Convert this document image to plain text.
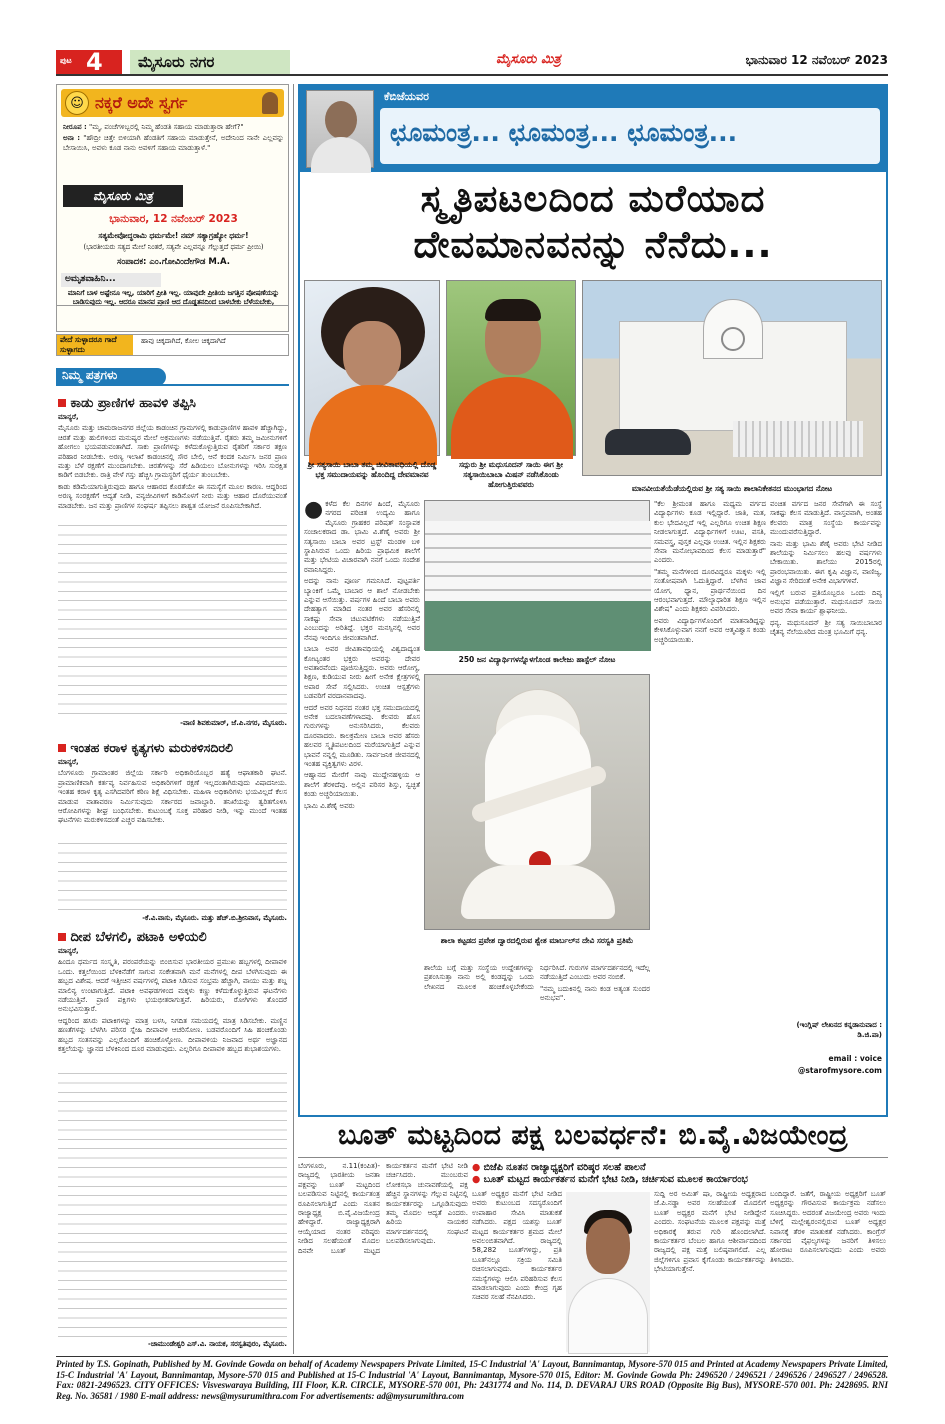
ಪುಟ 4	ಮೈಸೂರು ನಗರ	ಮೈಸೂರು ಮಿತ್ರ	ಭಾನುವಾರ 12 ನವೆಂಬರ್ 2023
☺ ನಕ್ಕರೆ ಅದೇ ಸ್ವರ್ಗ

ನೀರೂಪ : "ಮ್ಮ, ಪಂಚೆಗಳಿಬ್ಬರಲ್ಲಿ ನಿಮ್ಮ ಹೆಂಡತಿ ಸಹಾಯ ಮಾಡುತ್ತಾರಾ ಹೇಗೆ?"

ಅನಾ : "ಹೌದ್ರೀ ಚಿತ್ತೇ ಬಿಳಿಯಾಗಿ ಹೆಂಡತಿಗೆ ಸಹಾಯ ಮಾಡುತ್ತೇನೆ, ಅದೇನಿಂದ ನಾನೇ ಎಲ್ಲವನ್ನು ಬೇಸಾಯಿಸಿ, ಅವಳು ಕೂಡ ನಾನು ಅವಳಿಗೆ ಸಹಾಯ ಮಾಡುತ್ತಾಳೆ."

ಮೈಸೂರು ಮಿತ್ರ
ಭಾನುವಾರ, 12 ನವೆಂಬರ್ 2023
ಸತ್ಯಮೇವೋದ್ಧರಾಮಿ ಧರ್ಮಮೇ! ನಮ್ ಸತ್ಯಾಗ್ರಹ್ಯೋ ಧರ್ಮ!
(ಭಾರತೀಯರು ಸತ್ಯದ ಮೇಲೆ ನಿಂತರೆ, ಸತ್ಯವೇ ಎಲ್ಲವನ್ನೂ ಗೆಲ್ಲುತ್ತದೆ ಧರ್ಮ ಪ್ರೀಯಿ)
ಸಂಪಾದಕ: ಎಂ.ಗೋವಿಂದೇಗೌಡ M.A.
ಅಮೃತವಾಹಿನಿ...
ಮಾನಿಗೆ ಬಾಳ ಅಷ್ಟೇನೂ ಇಲ್ಲ, ಯಾರಿಗೆ ಪ್ರೀತಿ ಇಲ್ಲ. ಯಾವುದೇ ಪ್ರೀತಿಯ ಜಗತ್ತಿನ ಪೋಷಣೆಯನ್ನು ಬಾಡಿಸುವುದು ಇಲ್ಲ. ಆದರೂ ಮಾನವ ಪ್ರಾಣಿ ಆದ ದೊಡ್ಡತನದಿಂದ ಬಾಳಬೇಕು ಬೆಳೆಯಬೇಕು,
ಪೇದೆ ಸುಳ್ಳಾದರೂ ಗಾದೆ ಸುಳ್ಳಾಗದು
ಹಾವು ಚಿಕ್ಕದಾಗಿದೆ, ಕೋಲ ಚಿಕ್ಕದಾಗಿದೆ
ನಿಮ್ಮ ಪತ್ರಗಳು
ಕಾಡು ಪ್ರಾಣಿಗಳ ಹಾವಳಿ ತಪ್ಪಿಸಿ

ಮಾನ್ಯರೆ,

ಮೈಸೂರು ಮತ್ತು ಚಾಮರಾಜನಗರ ಜಿಲ್ಲೆಯ ಕಾಡಂಚಿನ ಗ್ರಾಮಗಳಲ್ಲಿ ಕಾಡುಪ್ರಾಣಿಗಳ ಹಾವಳಿ ಹೆಚ್ಚಾಗಿದ್ದು, ಚಿರತೆ ಮತ್ತು ಹುಲಿಗಳಿಂದ ಮನುಷ್ಯರ ಮೇಲೆ ಅಕ್ರಮಣಗಳು ನಡೆಯುತ್ತಿವೆ. ರೈತರು ತಮ್ಮ ಜಮೀನುಗಳಿಗೆ ಹೋಗಲು ಭಯಪಡುವಂತಾಗಿದೆ. ಸಾಕು ಪ್ರಾಣಿಗಳನ್ನು ಕಳೆದುಕೊಳ್ಳುತ್ತಿರುವ ರೈತರಿಗೆ ಸರ್ಕಾರ ತಕ್ಷಣ ಪರಿಹಾರ ನೀಡಬೇಕು. ಅರಣ್ಯ ಇಲಾಖೆ ಕಾಡಂಚಿನಲ್ಲಿ ಸೌರ ಬೇಲಿ, ಆನೆ ಕಂದಕ ನಿರ್ಮಿಸಿ ಜನರ ಪ್ರಾಣ ಮತ್ತು ಬೆಳೆ ರಕ್ಷಣೆಗೆ ಮುಂದಾಗಬೇಕು. ಚಿರತೆಗಳನ್ನು ಸೆರೆ ಹಿಡಿಯಲು ಬೋನುಗಳನ್ನು ಇರಿಸಿ ಸುರಕ್ಷಿತ ಕಾಡಿಗೆ ಬಿಡಬೇಕು. ರಾತ್ರಿ ವೇಳೆ ಗಸ್ತು ಹೆಚ್ಚಿಸಿ ಗ್ರಾಮಸ್ಥರಿಗೆ ಧೈರ್ಯ ತುಂಬಬೇಕು.

ಕಾಡು ಕಡಿಮೆಯಾಗುತ್ತಿರುವುದು ಹಾಗೂ ಆಹಾರದ ಕೊರತೆಯೇ ಈ ಸಮಸ್ಯೆಗೆ ಮೂಲ ಕಾರಣ. ಆದ್ದರಿಂದ ಅರಣ್ಯ ಸಂರಕ್ಷಣೆಗೆ ಆದ್ಯತೆ ನೀಡಿ, ವನ್ಯಜೀವಿಗಳಿಗೆ ಕಾಡಿನೊಳಗೆ ನೀರು ಮತ್ತು ಆಹಾರ ದೊರೆಯುವಂತೆ ಮಾಡಬೇಕು. ಜನ ಮತ್ತು ಪ್ರಾಣಿಗಳ ಸಂಘರ್ಷ ತಪ್ಪಿಸಲು ಶಾಶ್ವತ ಯೋಜನೆ ರೂಪಿಸಬೇಕಾಗಿದೆ.

-ವಾಣಿ ಶಿವಕುಮಾರ್, ಜೆ.ಪಿ.ನಗರ, ಮೈಸೂರು.
ಇಂತಹ ಕರಾಳ ಕೃತ್ಯಗಳು ಮರುಕಳಿಸದಿರಲಿ

ಮಾನ್ಯರೆ,

ಬೆಂಗಳೂರು ಗ್ರಾಮಾಂತರ ಜಿಲ್ಲೆಯ ಸರ್ಕಾರಿ ಅಧಿಕಾರಿಯೊಬ್ಬರ ಹತ್ಯೆ ಆಘಾತಕಾರಿ ಘಟನೆ. ಪ್ರಾಮಾಣಿಕವಾಗಿ ಕರ್ತವ್ಯ ನಿರ್ವಹಿಸುವ ಅಧಿಕಾರಿಗಳಿಗೆ ರಕ್ಷಣೆ ಇಲ್ಲದಂತಾಗಿರುವುದು ವಿಷಾದನೀಯ. ಇಂತಹ ಕರಾಳ ಕೃತ್ಯ ಎಸಗಿದವರಿಗೆ ಕಠಿಣ ಶಿಕ್ಷೆ ವಿಧಿಸಬೇಕು. ಮಹಿಳಾ ಅಧಿಕಾರಿಗಳು ಭಯವಿಲ್ಲದೆ ಕೆಲಸ ಮಾಡುವ ವಾತಾವರಣ ನಿರ್ಮಿಸುವುದು ಸರ್ಕಾರದ ಜವಾಬ್ದಾರಿ. ತನಿಖೆಯನ್ನು ತ್ವರಿತಗೊಳಿಸಿ ಆರೋಪಿಗಳನ್ನು ಶೀಘ್ರ ಬಂಧಿಸಬೇಕು. ಕುಟುಂಬಕ್ಕೆ ಸೂಕ್ತ ಪರಿಹಾರ ನೀಡಿ, ಇನ್ನು ಮುಂದೆ ಇಂತಹ ಘಟನೆಗಳು ಮರುಕಳಿಸದಂತೆ ಎಚ್ಚರ ವಹಿಸಬೇಕು.

-ಕೆ.ವಿ.ವಾಸು, ಮೈಸೂರು. ಮತ್ತು ಹೆಚ್.ಬಿ.ಶ್ರೀನಿವಾಸ, ಮೈಸೂರು.
ದೀಪ ಬೆಳಗಲಿ, ಪಟಾಕಿ ಅಳಿಯಲಿ

ಮಾನ್ಯರೆ,

ಹಿಂದೂ ಧರ್ಮದ ಸಂಸ್ಕೃತಿ, ಪರಂಪರೆಯನ್ನು ಬಿಂಬಿಸುವ ಭಾರತೀಯರ ಪ್ರಮುಖ ಹಬ್ಬಗಳಲ್ಲಿ ದೀಪಾವಳಿ ಒಂದು. ಕತ್ತಲೆಯಿಂದ ಬೆಳಕಿನೆಡೆಗೆ ಸಾಗುವ ಸಂಕೇತವಾಗಿ ಮನೆ ಮನೆಗಳಲ್ಲಿ ದೀಪ ಬೆಳಗಿಸುವುದು ಈ ಹಬ್ಬದ ವಿಶೇಷ. ಆದರೆ ಇತ್ತೀಚಿನ ವರ್ಷಗಳಲ್ಲಿ ಪಟಾಕಿ ಸಿಡಿಸುವ ಸಂಭ್ರಮ ಹೆಚ್ಚಾಗಿ, ವಾಯು ಮತ್ತು ಶಬ್ದ ಮಾಲಿನ್ಯ ಉಂಟಾಗುತ್ತಿದೆ. ಪಟಾಕಿ ಅವಘಡಗಳಿಂದ ಮಕ್ಕಳು ಕಣ್ಣು ಕಳೆದುಕೊಳ್ಳುತ್ತಿರುವ ಘಟನೆಗಳು ನಡೆಯುತ್ತಿವೆ. ಪ್ರಾಣಿ ಪಕ್ಷಿಗಳು ಭಯಭೀತರಾಗುತ್ತವೆ. ಹಿರಿಯರು, ರೋಗಿಗಳು ತೊಂದರೆ ಅನುಭವಿಸುತ್ತಾರೆ.

ಆದ್ದರಿಂದ ಹಸಿರು ಪಟಾಕಿಗಳನ್ನು ಮಾತ್ರ ಬಳಸಿ, ನಿಗದಿತ ಸಮಯದಲ್ಲಿ ಮಾತ್ರ ಸಿಡಿಸಬೇಕು. ಮಣ್ಣಿನ ಹಣತೆಗಳನ್ನು ಬೆಳಗಿಸಿ ಪರಿಸರ ಸ್ನೇಹಿ ದೀಪಾವಳಿ ಆಚರಿಸೋಣ. ಬಡವರೊಂದಿಗೆ ಸಿಹಿ ಹಂಚಿಕೊಂಡು ಹಬ್ಬದ ಸಂತಸವನ್ನು ಎಲ್ಲರೊಂದಿಗೆ ಹಂಚಿಕೊಳ್ಳೋಣ. ದೀಪಾವಳಿಯ ನಿಜವಾದ ಅರ್ಥ ಅಜ್ಞಾನದ ಕತ್ತಲೆಯನ್ನು ಜ್ಞಾನದ ಬೆಳಕಿನಿಂದ ದೂರ ಮಾಡುವುದು. ಎಲ್ಲರಿಗೂ ದೀಪಾವಳಿ ಹಬ್ಬದ ಶುಭಾಶಯಗಳು.

-ಚಾಮುಂಡೇಶ್ವರಿ ಎಸ್.ವಿ. ನಾಯಕ, ಸರಸ್ವತಿಪುರಂ, ಮೈಸೂರು.
ಕೆಬಿಜೆಯವರ
ಛೂಮಂತ್ರ... ಛೂಮಂತ್ರ... ಛೂಮಂತ್ರ...
ಸ್ಮೃತಿಪಟಲದಿಂದ ಮರೆಯಾದ
ದೇವಮಾನವನನ್ನು ನೆನೆದು...
ಶ್ರೀ ಸತ್ಯಸಾಯಿ ಬಾಬಾ ತಮ್ಮ ಜೀವಿತಾವಧಿಯಲ್ಲಿ ದೊಡ್ಡ ಭಕ್ತ ಸಮುದಾಯವನ್ನು ಹೊಂದಿದ್ದ ದೇವಮಾನವ
ಸದ್ಗುರು ಶ್ರೀ ಮಧುಸೂದನ್ ಸಾಯಿ ಈಗ ಶ್ರೀ ಸತ್ಯಸಾಯಿಬಾಬಾ ಮಿಷನ್ ನಡೆಸಿಕೊಂಡು ಹೋಗುತ್ತಿರುವವರು	ಮಾನವೀಯತೆಯೆಡೆಯಲ್ಲಿರುವ ಶ್ರೀ ಸತ್ಯ ಸಾಯಿ ಶಾಲಾನಿಕೇತನದ ಮುಂಭಾಗದ ನೋಟ

● ಕಳೆದ ಕೆಲ ದಿನಗಳ ಹಿಂದೆ, ಮೈಸೂರು ನಗರದ ಪರಿಚಿತ ಉದ್ಯಮಿ ಹಾಗೂ ಮೈಸೂರು ಗ್ರಾಹಕರ ಪರಿಷತ್ ಸಂಸ್ಥಾಪಕ ಸಂಚಾಲಕರಾದ ಡಾ. ಭಾಮಿ ವಿ.ಶೆಣೈ ಅವರು ಶ್ರೀ ಸತ್ಯಸಾಯಿ ಬಾಬಾ ಅವರ ಟ್ರಸ್ಟ್ ಮಂಡಳಿ ಬಳಿ ಸ್ಥಾಪಿಸಿರುವ ಒಂದು ಹಿರಿಯ ಪ್ರಾಥಮಿಕ ಶಾಲೆಗೆ ಮತ್ತು ಭೇಟಿಯ ವಿಚಾರವಾಗಿ ನನಗೆ ಒಂದು ಸಂದೇಶ ರವಾನಿಸಿದ್ದರು.

ಅದನ್ನು ನಾನು ಪೂರ್ಣ ಗಮನಿಸಿದೆ. ಪುಟ್ಟಪರ್ತಿ ಬ್ಯಾಂಕಿಗೆ ಒಮ್ಮೆ ಬಾಬಾರ ಆ ಶಾಲೆ ನೋಡಬೇಕು ಎನ್ನುವ ಆಸೆಯಿತ್ತು. ವರ್ಷಗಳ ಹಿಂದೆ ಬಾಬಾ ಅವರು ದೇಹತ್ಯಾಗ ಮಾಡಿದ ನಂತರ ಅವರ ಹೆಸರಿನಲ್ಲಿ ಸಾಕಷ್ಟು ಸೇವಾ ಚಟುವಟಿಕೆಗಳು ನಡೆಯುತ್ತಿವೆ ಎಂಬುದನ್ನು ಅರಿತಿದ್ದೆ. ಭಕ್ತರ ಮನಸ್ಸಿನಲ್ಲಿ ಅವರ ನೆನಪು ಇಂದಿಗೂ ಜೀವಂತವಾಗಿದೆ.

ಬಾಬಾ ಅವರ ಜೀವಿತಾವಧಿಯಲ್ಲಿ ವಿಶ್ವದಾದ್ಯಂತ ಕೋಟ್ಯಂತರ ಭಕ್ತರು ಅವರನ್ನು ದೇವರ ಅವತಾರವೆಂದು ಪೂಜಿಸುತ್ತಿದ್ದರು. ಅವರು ಆರೋಗ್ಯ, ಶಿಕ್ಷಣ, ಕುಡಿಯುವ ನೀರು ಹೀಗೆ ಅನೇಕ ಕ್ಷೇತ್ರಗಳಲ್ಲಿ ಅಪಾರ ಸೇವೆ ಸಲ್ಲಿಸಿದರು. ಉಚಿತ ಆಸ್ಪತ್ರೆಗಳು ಬಡವರಿಗೆ ವರದಾನವಾದವು.

ಆದರೆ ಅವರ ನಿಧನದ ನಂತರ ಭಕ್ತ ಸಮುದಾಯದಲ್ಲಿ ಅನೇಕ ಬದಲಾವಣೆಗಳಾದವು. ಕೆಲವರು ಹೊಸ ಗುರುಗಳನ್ನು ಅನುಸರಿಸಿದರು, ಕೆಲವರು ದೂರವಾದರು. ಕಾಲಕ್ರಮೇಣ ಬಾಬಾ ಅವರ ಹೆಸರು ಹಲವರ ಸ್ಮೃತಿಪಟಲದಿಂದ ಮರೆಯಾಗುತ್ತಿದೆ ಎನ್ನುವ ಭಾವನೆ ನನ್ನಲ್ಲಿ ಮೂಡಿತು. ಸಾರ್ವಜನಿಕ ಜೀವನದಲ್ಲಿ ಇಂತಹ ವ್ಯಕ್ತಿತ್ವಗಳು ವಿರಳ.

ಆಹ್ವಾನದ ಮೇರೆಗೆ ನಾವು ಮುದ್ದೇನಹಳ್ಳಿಯ ಆ ಶಾಲೆಗೆ ತೆರಳಿದೆವು. ಅಲ್ಲಿನ ಪರಿಸರ ಶಿಸ್ತು, ಸ್ವಚ್ಛತೆ ಕಂಡು ಅಚ್ಚರಿಯಾಯಿತು.

ಭಾಮಿ ವಿ.ಶೆಣೈ ಅವರು

250 ಜನ ವಿದ್ಯಾರ್ಥಿಗಳನ್ನೊಳಗೊಂಡ ಕಾಲೇಜು ಹಾಸ್ಟೆಲ್ ನೋಟ
ಶಾಲಾ ಕಟ್ಟಡದ ಪ್ರವೇಶ ದ್ವಾರದಲ್ಲಿರುವ ಶ್ವೇತ ಮಾರ್ಬಲ್‌ನ ದೇವಿ ಸರಸ್ವತಿ ಪ್ರತಿಮೆ

ಶಾಲೆಯ ಬಗ್ಗೆ ಮತ್ತು ಸಂಸ್ಥೆಯ ಉದ್ದೇಶಗಳನ್ನು ಪ್ರಶಂಸಿಸುತ್ತಾ ನಾನು ಅಲ್ಲಿ ಕಂಡದ್ದನ್ನು ಒಂದು ಲೇಖನದ ಮೂಲಕ ಹಂಚಿಕೊಳ್ಳಬೇಕೆಂದು ನಿರ್ಧರಿಸಿದೆ. ಗುರುಗಳ ಮಾರ್ಗದರ್ಶನದಲ್ಲಿ ಇದೆಲ್ಲ ನಡೆಯುತ್ತಿದೆ ಎಂಬುದು ಅವರ ನಂಬಿಕೆ.

"ನಮ್ಮ ಬದುಕಿನಲ್ಲಿ ನಾನು ಕಂಡ ಅತ್ಯಂತ ಸುಂದರ ಅನುಭವ".

"ಕೆಲ ಶ್ರೀಮಂತ ಹಾಗೂ ಮಧ್ಯಮ ವರ್ಗದ ವಿದ್ಯಾರ್ಥಿಗಳು ಕೂಡ ಇಲ್ಲಿದ್ದಾರೆ. ಜಾತಿ, ಮತ, ಕುಲ ಭೇದವಿಲ್ಲದೆ ಇಲ್ಲಿ ಎಲ್ಲರಿಗೂ ಉಚಿತ ಶಿಕ್ಷಣ ನೀಡಲಾಗುತ್ತದೆ. ವಿದ್ಯಾರ್ಥಿಗಳಿಗೆ ಊಟ, ವಸತಿ, ಸಮವಸ್ತ್ರ, ಪುಸ್ತಕ ಎಲ್ಲವೂ ಉಚಿತ. ಇಲ್ಲಿನ ಶಿಕ್ಷಕರು ಸೇವಾ ಮನೋಭಾವದಿಂದ ಕೆಲಸ ಮಾಡುತ್ತಾರೆ" ಎಂದರು.

"ತಮ್ಮ ಮನೆಗಳಿಂದ ದೂರವಿದ್ದರೂ ಮಕ್ಕಳು ಇಲ್ಲಿ ಸಂತೋಷವಾಗಿ ಓದುತ್ತಿದ್ದಾರೆ. ಬೆಳಗಿನ ಜಾವ ಯೋಗ, ಧ್ಯಾನ, ಪ್ರಾರ್ಥನೆಯಿಂದ ದಿನ ಆರಂಭವಾಗುತ್ತದೆ. ಮೌಲ್ಯಾಧಾರಿತ ಶಿಕ್ಷಣ ಇಲ್ಲಿನ ವಿಶೇಷ" ಎಂದು ಶಿಕ್ಷಕರು ವಿವರಿಸಿದರು.

ಅವರು ವಿದ್ಯಾರ್ಥಿಗಳೊಂದಿಗೆ ಮಾತನಾಡಿದ್ದನ್ನು ಕೇಳಿಸಿಕೊಳ್ಳುವಾಗ ನನಗೆ ಅವರ ಆತ್ಮವಿಶ್ವಾಸ ಕಂಡು ಅಚ್ಚರಿಯಾಯಿತು.

ವಂಚಿತ ವರ್ಗದ ಜನರ ಸೇವೆಗಾಗಿ ಈ ಸಂಸ್ಥೆ ಸಾಕಷ್ಟು ಕೆಲಸ ಮಾಡುತ್ತಿದೆ. ವಾಸ್ತವವಾಗಿ, ಅಂತಹ ಕೆಲವರು ಮಾತ್ರ ಸಂಸ್ಥೆಯ ಕಾರ್ಯವನ್ನು ಮುಂದುವರೆಸುತ್ತಿದ್ದಾರೆ.

ನಾನು ಮತ್ತು ಭಾಮಿ ಶೆಣೈ ಅವರು ಭೇಟಿ ನೀಡಿದ ಶಾಲೆಯನ್ನು ನಿರ್ಮಿಸಲು ಹಲವು ವರ್ಷಗಳು ಬೇಕಾಯಿತು. ಶಾಲೆಯು 2015ರಲ್ಲಿ ಪ್ರಾರಂಭವಾಯಿತು. ಈಗ ಕೃಷಿ ವಿಜ್ಞಾನ, ವಾಣಿಜ್ಯ, ವಿಜ್ಞಾನ ಸೇರಿದಂತೆ ಅನೇಕ ವಿಭಾಗಗಳಿವೆ.

ಇಲ್ಲಿಗೆ ಬರುವ ಪ್ರತಿಯೊಬ್ಬರೂ ಒಂದು ದಿವ್ಯ ಅನುಭವ ಪಡೆಯುತ್ತಾರೆ. ಮಧುಸೂದನ್ ಸಾಯಿ ಅವರ ಸೇವಾ ಕಾರ್ಯ ಶ್ಲಾಘನೀಯ.

ಧನ್ಯ. ಮಧುಸೂದನ್ ಶ್ರೀ ಸತ್ಯ ಸಾಯಿಬಾಬಾರ ಚೈತನ್ಯ ನೆಲೆಯೂರಿದ ಮಂತ್ರ ಭೂಮಿಗೆ ಧನ್ಯ.

(ಇಂಗ್ಲಿಷ್ ಲೇಖನದ ಕನ್ನಡಾನುವಾದ : ಡಿ.ಜಿ.ಪಾ)
email : voice
@starofmysore.com
ಬೂತ್ ಮಟ್ಟದಿಂದ ಪಕ್ಷ ಬಲವರ್ಧನೆ: ಬಿ.ವೈ.ವಿಜಯೇಂದ್ರ
● ಬಿಜೆಪಿ ನೂತನ ರಾಜ್ಯಾಧ್ಯಕ್ಷರಿಗೆ ವರಿಷ್ಠರ ಸಲಹೆ ಪಾಲನೆ
● ಬೂತ್ ಮಟ್ಟದ ಕಾರ್ಯಕರ್ತನ ಮನೆಗೆ ಭೇಟಿ ನೀಡಿ, ಚರ್ಚಿಸುವ ಮೂಲಕ ಕಾರ್ಯಾರಂಭ

ಬೆಂಗಳೂರು, ನ.11(ಕಂಪಿತ)- ರಾಜ್ಯದಲ್ಲಿ ಭಾರತೀಯ ಜನತಾ ಪಕ್ಷವನ್ನು ಬೂತ್ ಮಟ್ಟದಿಂದ ಬಲಪಡಿಸುವ ನಿಟ್ಟಿನಲ್ಲಿ ಕಾರ್ಯತಂತ್ರ ರೂಪಿಸಲಾಗುತ್ತಿದೆ ಎಂದು ನೂತನ ರಾಜ್ಯಾಧ್ಯಕ್ಷ ಬಿ.ವೈ.ವಿಜಯೇಂದ್ರ ಹೇಳಿದ್ದಾರೆ. ರಾಜ್ಯಾಧ್ಯಕ್ಷರಾಗಿ ಆಯ್ಕೆಯಾದ ನಂತರ ವರಿಷ್ಠರು ನೀಡಿದ ಸಲಹೆಯಂತೆ ಮೊದಲ ದಿನವೇ ಬೂತ್ ಮಟ್ಟದ ಕಾರ್ಯಕರ್ತನ ಮನೆಗೆ ಭೇಟಿ ನೀಡಿ ಚರ್ಚಿಸಿದರು. ಮುಂಬರುವ ಲೋಕಸಭಾ ಚುನಾವಣೆಯಲ್ಲಿ ಪಕ್ಷ ಹೆಚ್ಚಿನ ಸ್ಥಾನಗಳನ್ನು ಗೆಲ್ಲುವ ನಿಟ್ಟಿನಲ್ಲಿ ಕಾರ್ಯಕರ್ತರನ್ನು ಒಗ್ಗೂಡಿಸುವುದು ತಮ್ಮ ಮೊದಲ ಆದ್ಯತೆ ಎಂದರು. ಹಿರಿಯ ನಾಯಕರ ಮಾರ್ಗದರ್ಶನದಲ್ಲಿ ಸಂಘಟನೆ ಬಲಪಡಿಸಲಾಗುವುದು.

ಬೂತ್ ಅಧ್ಯಕ್ಷರ ಮನೆಗೆ ಭೇಟಿ ನೀಡಿದ ಅವರು ಕುಟುಂಬದ ಸದಸ್ಯರೊಂದಿಗೆ ಉಪಾಹಾರ ಸೇವಿಸಿ ಮಾತುಕತೆ ನಡೆಸಿದರು. ಪಕ್ಷದ ಯಶಸ್ಸು ಬೂತ್ ಮಟ್ಟದ ಕಾರ್ಯಕರ್ತರ ಶ್ರಮದ ಮೇಲೆ ಅವಲಂಬಿತವಾಗಿದೆ. ರಾಜ್ಯದಲ್ಲಿ 58,282 ಬೂತ್‌ಗಳಿದ್ದು, ಪ್ರತಿ ಬೂತ್‌ನಲ್ಲೂ ಸಕ್ರಿಯ ಸಮಿತಿ ರಚಿಸಲಾಗುವುದು. ಕಾರ್ಯಕರ್ತರ ಸಮಸ್ಯೆಗಳನ್ನು ಆಲಿಸಿ ಪರಿಹರಿಸುವ ಕೆಲಸ ಮಾಡಲಾಗುವುದು ಎಂದು ಕೇಂದ್ರ ಗೃಹ ಸಚಿವರ ಸಲಹೆ ನೆನಪಿಸಿದರು.

ಸುದ್ದಿ ಅರ ಅಮಿತ್ ಷಾ, ರಾಷ್ಟ್ರೀಯ ಅಧ್ಯಕ್ಷರಾದ ಜೆ.ಪಿ.ನಡ್ಡಾ ಅವರ ಸಲಹೆಯಂತೆ ಮೊದಲಿಗೆ ಬೂತ್ ಅಧ್ಯಕ್ಷರ ಮನೆಗೆ ಭೇಟಿ ನೀಡಿದ್ದೇನೆ ಎಂದರು. ಸಂಘಟನೆಯ ಮೂಲಕ ಪಕ್ಷವನ್ನು ಮತ್ತೆ ಅಧಿಕಾರಕ್ಕೆ ತರುವ ಗುರಿ ಹೊಂದಲಾಗಿದೆ. ಕಾರ್ಯಕರ್ತರ ಬೆಂಬಲ ಹಾಗೂ ಆಶೀರ್ವಾದದಿಂದ ರಾಜ್ಯದಲ್ಲಿ ಪಕ್ಷ ಮತ್ತೆ ಬಲಿಷ್ಠವಾಗಲಿದೆ. ಎಲ್ಲ ಜಿಲ್ಲೆಗಳಿಗೂ ಪ್ರವಾಸ ಕೈಗೊಂಡು ಕಾರ್ಯಕರ್ತರನ್ನು ಭೇಟಿಯಾಗುತ್ತೇನೆ.

ಬಂದಿದ್ದಾರೆ. ಜತೆಗೆ, ರಾಷ್ಟ್ರೀಯ ಅಧ್ಯಕ್ಷರಿಗೆ ಬೂತ್ ಅಧ್ಯಕ್ಷರನ್ನು ಗೌರವಿಸುವ ಕಾರ್ಯಕ್ರಮ ನಡೆಸಲು ಸೂಚಿಸಿದ್ದರು. ಅದರಂತೆ ವಿಜಯೇಂದ್ರ ಅವರು ಇಂದು ಬೆಳಿಗ್ಗೆ ಮಲ್ಲೇಶ್ವರಂನಲ್ಲಿರುವ ಬೂತ್ ಅಧ್ಯಕ್ಷರ ನಿವಾಸಕ್ಕೆ ತೆರಳಿ ಮಾತುಕತೆ ನಡೆಸಿದರು. ಕಾಂಗ್ರೆಸ್ ಸರ್ಕಾರದ ವೈಫಲ್ಯಗಳನ್ನು ಜನರಿಗೆ ತಿಳಿಸಲು ಹೋರಾಟ ರೂಪಿಸಲಾಗುವುದು ಎಂದು ಅವರು ತಿಳಿಸಿದರು.

Printed by T.S. Gopinath, Published by M. Govinde Gowda on behalf of Academy Newspapers Private Limited, 15-C Industrial 'A' Layout, Bannimantap, Mysore-570 015 and Printed at Academy Newspapers Private Limited, 15-C Industrial 'A' Layout, Bannimantap, Mysore-570 015 and Published at 15-C Industrial 'A' Layout, Bannimantap, Mysore-570 015, Editor: M. Govinde Gowda Ph: 2496520 / 2496521 / 2496526 / 2496527 / 2496528. Fax: 0821-2496523. CITY OFFICES: Visveswaraya Building, III Floor, K.R. CIRCLE, MYSORE-570 001, Ph: 2431774 and No. 114, D. DEVARAJ URS ROAD (Opposite Big Bus), MYSORE-570 001. Ph: 2428695. RNI Reg. No. 36581 / 1980 E-mail address: news@mysurumithra.com For advertisements: ad@mysurumithra.com
